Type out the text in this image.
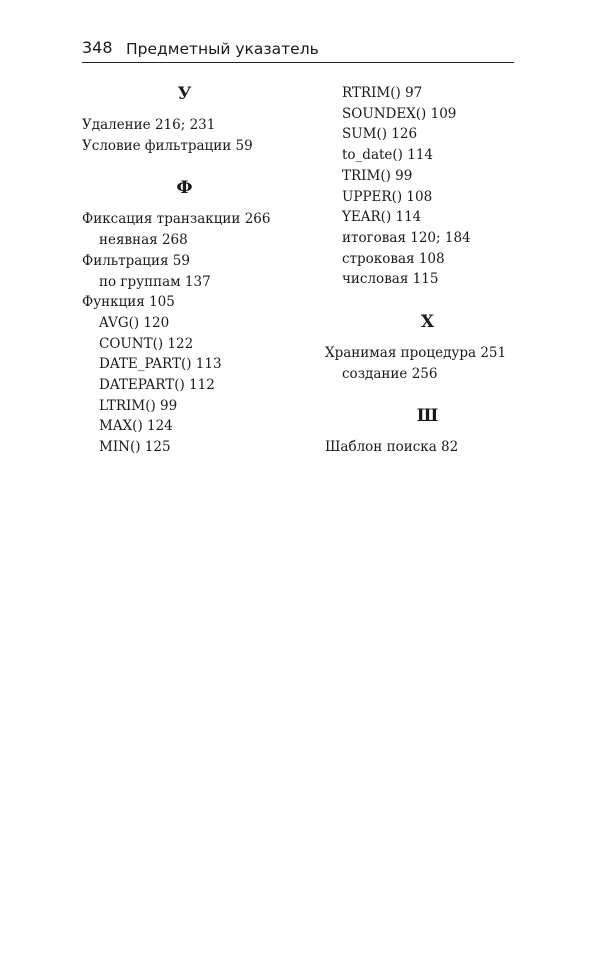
348 Предметный указатель
У
Удаление 216; 231
Условие фильтрации 59
Ф
Фиксация транзакции 266
неявная 268
Фильтрация 59
по группам 137
Функция 105
AVG() 120
COUNT() 122
DATE_PART() 113
DATEPART() 112
LTRIM() 99
MAX() 124
MIN() 125
RTRIM() 97
SOUNDEX() 109
SUM() 126
to_date() 114
TRIM() 99
UPPER() 108
YEAR() 114
итоговая 120; 184
строковая 108
числовая 115
Х
Хранимая процедура 251
создание 256
Ш
Шаблон поиска 82
